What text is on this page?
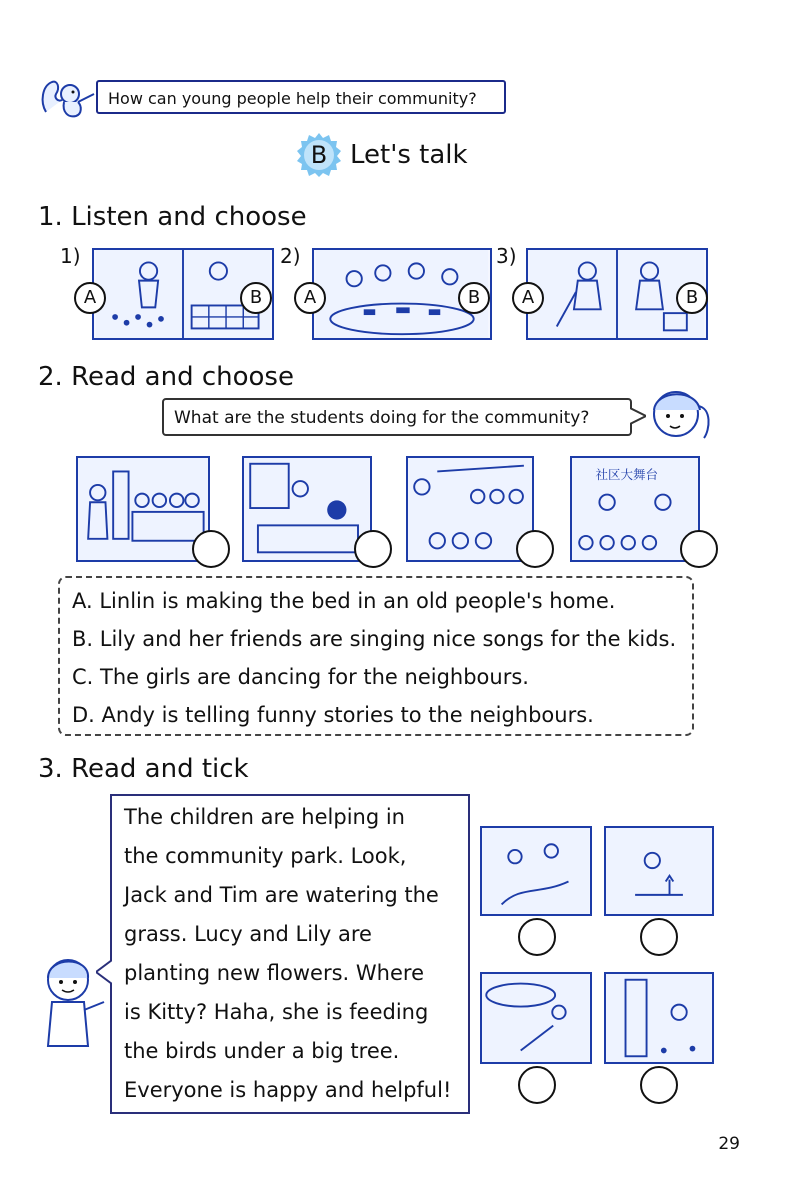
How can young people help their community?
B Let's talk
1. Listen and choose
1)
A	B
2)
A	B
3)
A	B
2. Read and choose
What are the students doing for the community?
社区大舞台
A. Linlin is making the bed in an old people's home.
B. Lily and her friends are singing nice songs for the kids.
C. The girls are dancing for the neighbours.
D. Andy is telling funny stories to the neighbours.
3. Read and tick
The children are helping in
the community park. Look,
Jack and Tim are watering the
grass. Lucy and Lily are
planting new flowers. Where
is Kitty? Haha, she is feeding
the birds under a big tree.
Everyone is happy and helpful!
29
